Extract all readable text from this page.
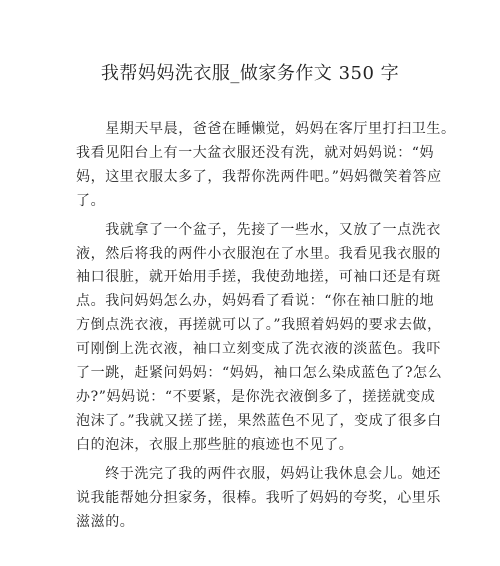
我帮妈妈洗衣服_做家务作文 350 字
　　星期天早晨，爸爸在睡懒觉，妈妈在客厅里打扫卫生。
我看见阳台上有一大盆衣服还没有洗，就对妈妈说：“妈
妈，这里衣服太多了，我帮你洗两件吧。”妈妈微笑着答应
了。
　　我就拿了一个盆子，先接了一些水，又放了一点洗衣
液，然后将我的两件小衣服泡在了水里。我看见我衣服的
袖口很脏，就开始用手搓，我使劲地搓，可袖口还是有斑
点。我问妈妈怎么办，妈妈看了看说：“你在袖口脏的地
方倒点洗衣液，再搓就可以了。”我照着妈妈的要求去做，
可刚倒上洗衣液，袖口立刻变成了洗衣液的淡蓝色。我吓
了一跳，赶紧问妈妈：“妈妈，袖口怎么染成蓝色了?怎么
办?”妈妈说：“不要紧，是你洗衣液倒多了，搓搓就变成
泡沫了。”我就又搓了搓，果然蓝色不见了，变成了很多白
白的泡沫，衣服上那些脏的痕迹也不见了。
　　终于洗完了我的两件衣服，妈妈让我休息会儿。她还
说我能帮她分担家务，很棒。我听了妈妈的夸奖，心里乐
滋滋的。
